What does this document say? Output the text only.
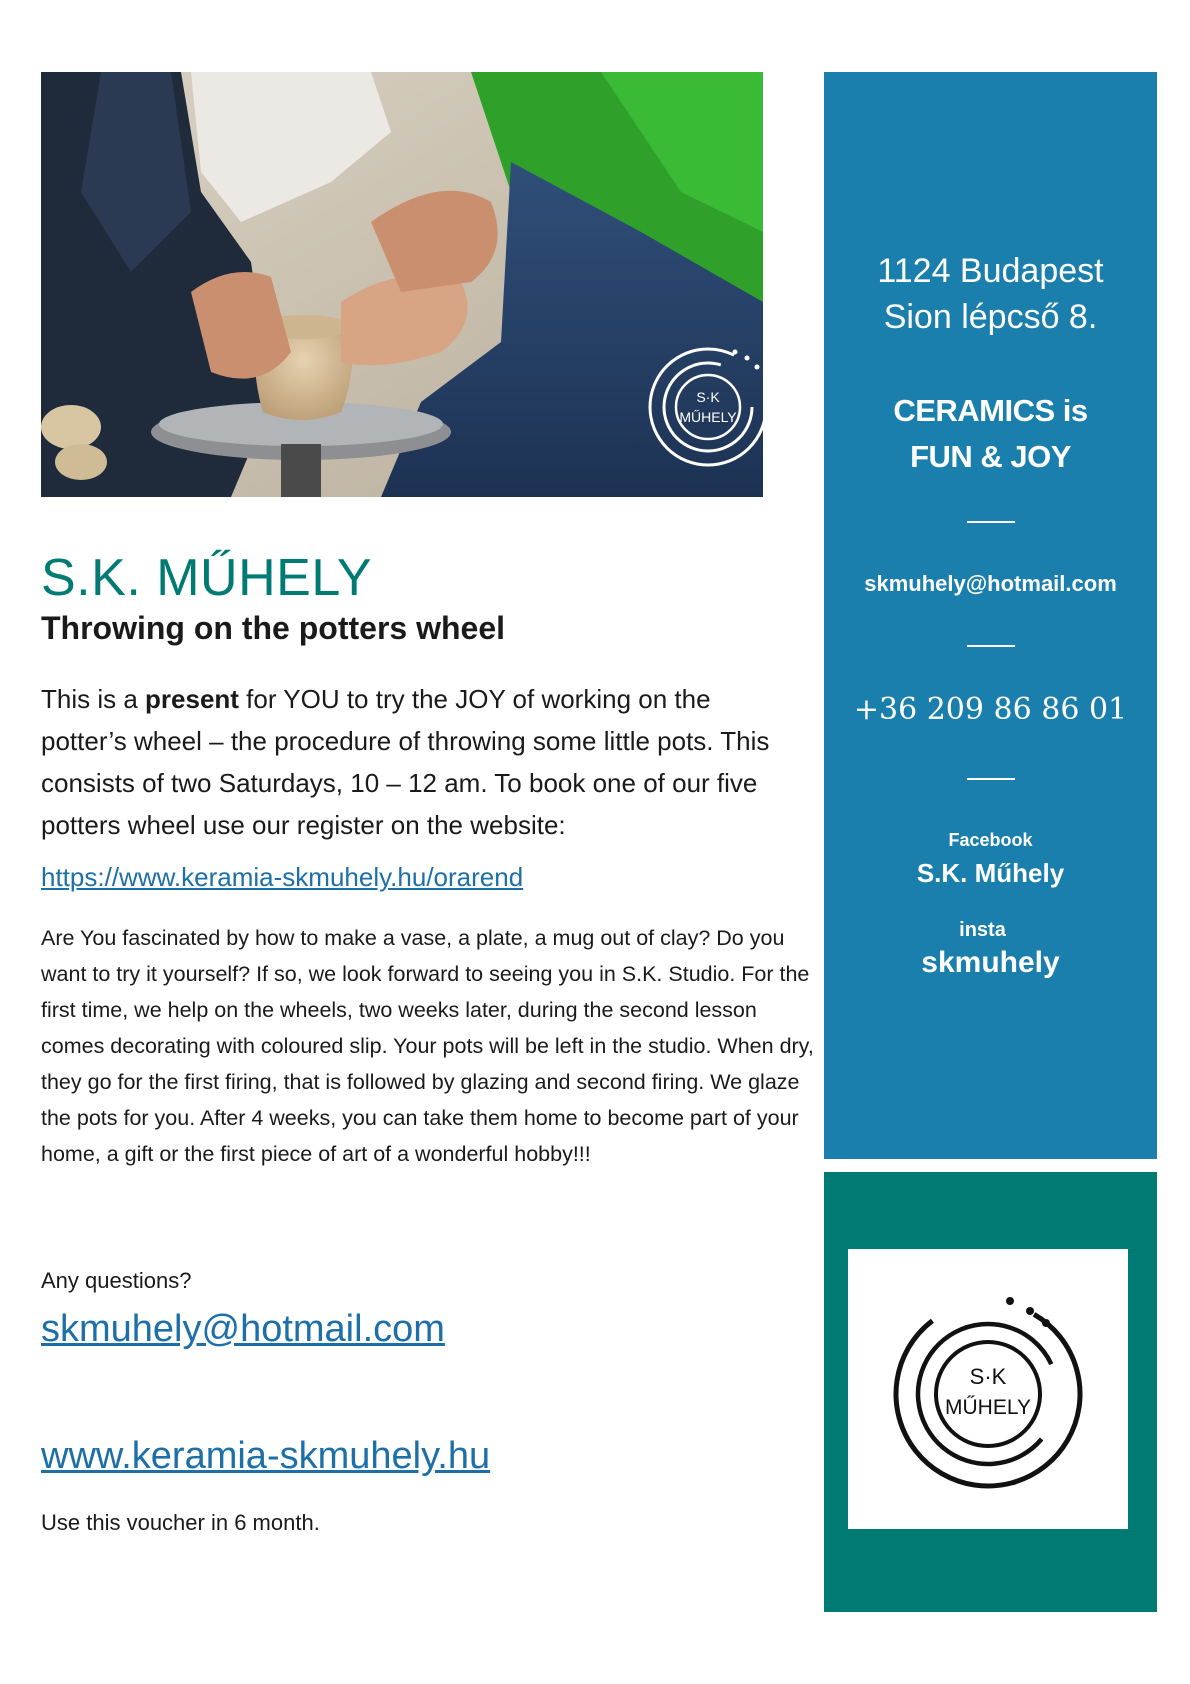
S·K
MŰHELY
S.K. MŰHELY
Throwing on the potters wheel

This is a present for YOU to try the JOY of working on the potter’s wheel – the procedure of throwing some little pots. This consists of two Saturdays, 10 – 12 am. To book one of our five potters wheel use our register on the website:

https://www.keramia-skmuhely.hu/orarend

Are You fascinated by how to make a vase, a plate, a mug out of clay? Do you want to try it yourself? If so, we look forward to seeing you in S.K. Studio. For the first time, we help on the wheels, two weeks later, during the second lesson comes decorating with coloured slip. Your pots will be left in the studio. When dry, they go for the first firing, that is followed by glazing and second firing. We glaze the pots for you. After 4 weeks, you can take them home to become part of your home, a gift or the first piece of art of a wonderful hobby!!!

Any questions?
skmuhely@hotmail.com
www.keramia-skmuhely.hu
Use this voucher in 6 month.
1124 Budapest
Sion lépcső 8.
CERAMICS is
FUN & JOY
skmuhely@hotmail.com
+36 209 86 86 01
Facebook
S.K. Műhely
insta
skmuhely
S·K
MŰHELY
